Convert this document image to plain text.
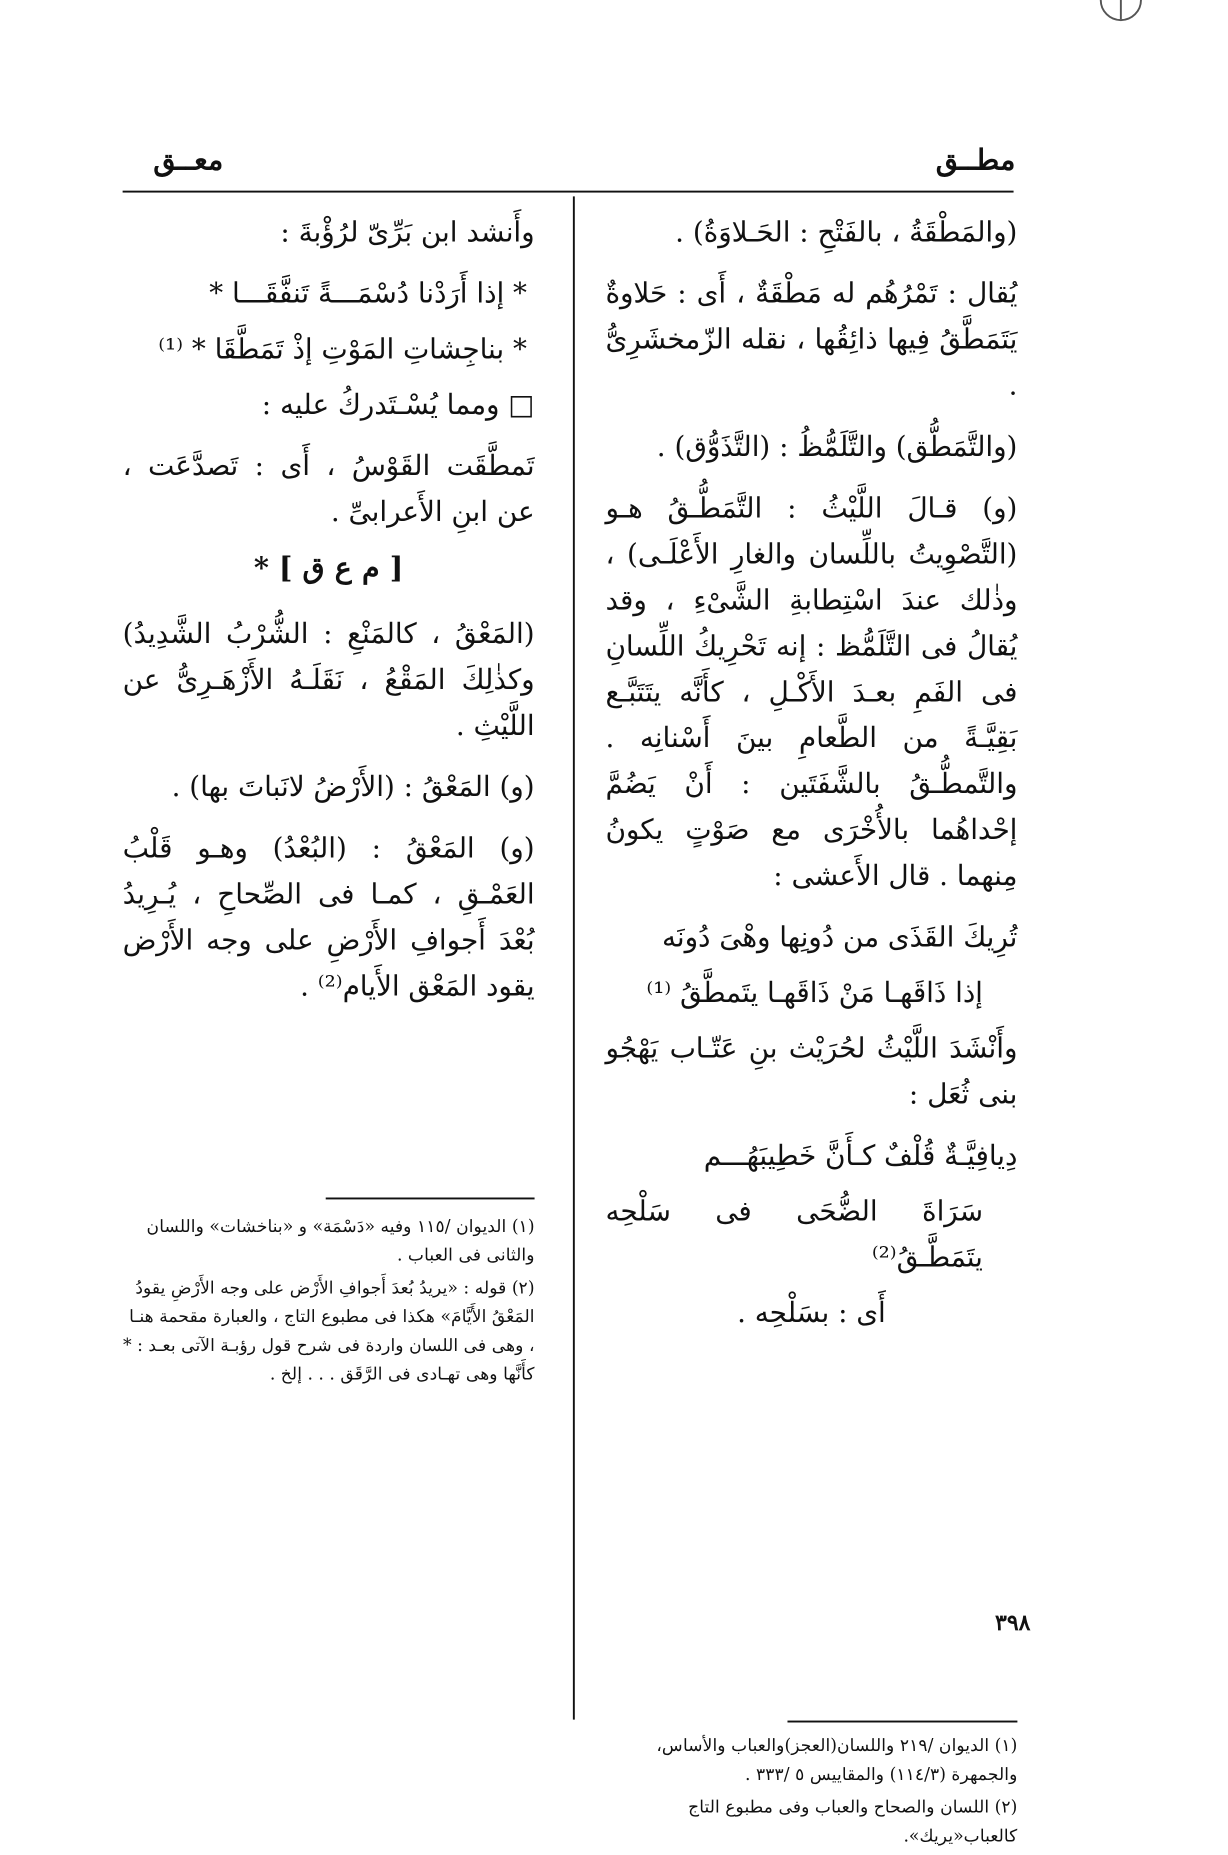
مطــق
معــق

(والمَطْقَةُ ، بالفَتْحِ : الحَـلاوَةُ) .

يُقال : تَمْرُهُم له مَطْقَةٌ ، أَى : حَلاوةٌ يَتَمَطَّقُ فِيها ذائِقُها ، نقله الزّمخشَرِىُّ .

(والتَّمَطُّق) والتَّلَمُّظُ : (التَّذَوُّق) .

(و) قـالَ اللَّيْثُ : التَّمَطُّـقُ هـو (التَّصْوِيتُ باللِّسان والغارِ الأَعْلَـى) ، وذٰلك عندَ اسْتِطابةِ الشَّىْءِ ، وقد يُقالُ فى التَّلَمُّظ : إنه تَحْرِيكُ اللِّسانِ فى الفَمِ بعـدَ الأَكْـلِ ، كأَنَّه يتَتَبَّـع بَقِيَّـةً من الطَّعامِ بينَ أَسْنانِه . والتَّمطُّـقُ بالشَّفَتَين : أَنْ يَضُمَّ إحْداهُما بالأُخْرَى مع صَوْتٍ يكونُ مِنهما . قال الأَعشى :

تُرِيكَ القَذَى من دُونِها وهْىَ دُونَه
إذا ذَاقَهـا مَنْ ذَاقَهـا يتَمطَّقُ ⁽¹⁾

وأَنْشَدَ اللَّيْثُ لحُرَيْث بنِ عَتّـاب يَهْجُو بنى ثُعَل :

دِيافِيَّـةٌ قُلْفٌ كـأَنَّ خَطِيبَهُـــم
سَرَاةَ الضُّحَى فى سَلْحِه يتَمَطَّـقُ⁽²⁾

أَى : بسَلْحِه .

(١) الديوان /٢١٩ واللسان(العجز)والعباب والأساس، والجمهرة (١١٤/٣) والمقاييس ٥ /٣٣٣ .
(٢) اللسان والصحاح والعباب وفى مطبوع التاج كالعباب«يريك».

وأَنشد ابن بَرِّىّ لرُؤْبةَ :

* إذا أَرَدْنا دُسْمَـــةً تَنفَّقَـــا *
* بناجِشاتِ المَوْتِ إذْ تَمَطَّقَا * ⁽¹⁾

□ ومما يُسْـتَدركُ عليه :

تَمطَّقَت القَوْسُ ، أَى : تَصدَّعَت ، عن ابنِ الأَعرابىِّ .

[ م ع ق ] *

(المَعْقُ ، كالمَنْعِ : الشُّرْبُ الشَّدِيدُ) وكذٰلِكَ المَقْعُ ، نَقَلَـهُ الأَزْهَـرِىُّ عن اللَّيْثِ .

(و) المَعْقُ : (الأَرْضُ لانَباتَ بها) .

(و) المَعْقُ : (البُعْدُ) وهـو قَلْبُ العَمْـقِ ، كمـا فى الصِّحاحِ ، يُـرِيدُ بُعْدَ أَجوافِ الأَرْضِ على وجه الأَرْض يقود المَعْق الأَيام⁽²⁾ .

(١) الديوان /١١٥ وفيه «دَسْمَة» و «بناخشات» واللسان والثانى فى العباب .
(٢) قوله : «يريدُ بُعدَ أَجوافِ الأَرْض على وجه الأَرْضِ يقودُ المَعْقُ الأَيَّامَ» هكذا فى مطبوع التاج ، والعبارة مقحمة هنـا ، وهى فى اللسان واردة فى شرح قول رؤبـة الآتى بعـد : * كأَنَّها وهى تهـادى فى الرَّقَق . . . إلخ .
٣٩٨
